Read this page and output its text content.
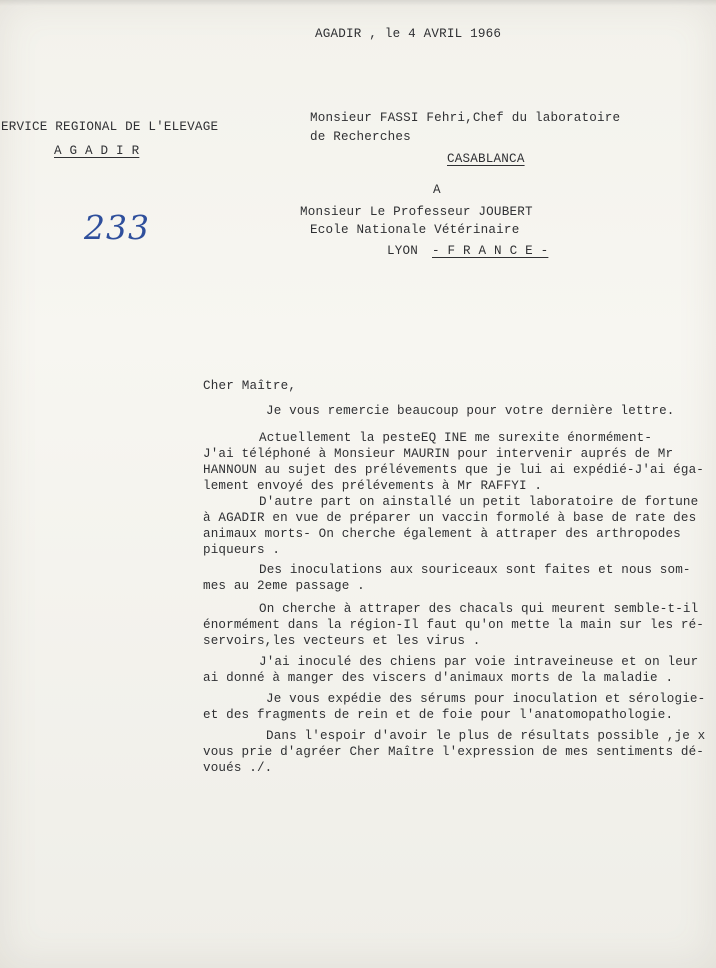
AGADIR , le 4 AVRIL 1966
ERVICE REGIONAL DE L'ELEVAGE
A G A D I R
Monsieur FASSI Fehri,Chef du laboratoire
de Recherches
CASABLANCA
A
Monsieur Le Professeur JOUBERT
Ecole Nationale Vétérinaire
LYON - F R A N C E -
233
Cher Maître,
Je vous remercie beaucoup pour votre dernière lettre.
Actuellement la pesteEQ INE me surexite énormément-
J'ai téléphoné à Monsieur MAURIN pour intervenir auprés de Mr
HANNOUN au sujet des prélévements que je lui ai expédié-J'ai éga-
lement envoyé des prélévements à Mr RAFFYI .
D'autre part on ainstallé un petit laboratoire de fortune
à AGADIR en vue de préparer un vaccin formolé à base de rate des
animaux morts- On cherche également à attraper des arthropodes
piqueurs .
Des inoculations aux souriceaux sont faites et nous som-
mes au 2eme passage .
On cherche à attraper des chacals qui meurent semble-t-il
énormément dans la région-Il faut qu'on mette la main sur les ré-
servoirs,les vecteurs et les virus .
J'ai inoculé des chiens par voie intraveineuse et on leur
ai donné à manger des viscers d'animaux morts de la maladie .
Je vous expédie des sérums pour inoculation et sérologie-
et des fragments de rein et de foie pour l'anatomopathologie.
Dans l'espoir d'avoir le plus de résultats possible ,je x
vous prie d'agréer Cher Maître l'expression de mes sentiments dé-
voués ./.
